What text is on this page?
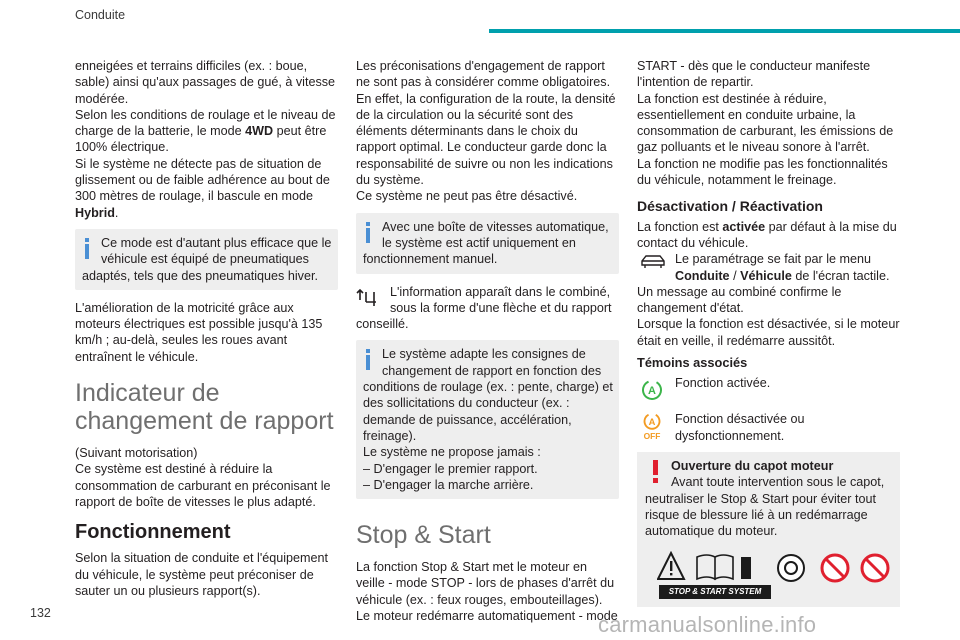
Conduite

enneigées et terrains difficiles (ex. : boue, sable) ainsi qu'aux passages de gué, à vitesse modérée.

Selon les conditions de roulage et le niveau de charge de la batterie, le mode 4WD peut être 100% électrique.

Si le système ne détecte pas de situation de glissement ou de faible adhérence au bout de 300 mètres de roulage, il bascule en mode Hybrid.

Ce mode est d'autant plus efficace que le véhicule est équipé de pneumatiques adaptés, tels que des pneumatiques hiver.

L'amélioration de la motricité grâce aux moteurs électriques est possible jusqu'à 135 km/h ; au-delà, seules les roues avant entraînent le véhicule.

Indicateur de changement de rapport

(Suivant motorisation)

Ce système est destiné à réduire la consommation de carburant en préconisant le rapport de boîte de vitesses le plus adapté.

Fonctionnement

Selon la situation de conduite et l'équipement du véhicule, le système peut préconiser de sauter un ou plusieurs rapport(s).

Les préconisations d'engagement de rapport ne sont pas à considérer comme obligatoires. En effet, la configuration de la route, la densité de la circulation ou la sécurité sont des éléments déterminants dans le choix du rapport optimal. Le conducteur garde donc la responsabilité de suivre ou non les indications du système.

Ce système ne peut pas être désactivé.

Avec une boîte de vitesses automatique, le système est actif uniquement en fonctionnement manuel.
L'information apparaît dans le combiné, sous la forme d'une flèche et du rapport conseillé.
Le système adapte les consignes de changement de rapport en fonction des conditions de roulage (ex. : pente, charge) et des sollicitations du conducteur (ex. : demande de puissance, accélération, freinage).
Le système ne propose jamais :
– D'engager le premier rapport.
– D'engager la marche arrière.
Stop & Start

La fonction Stop & Start met le moteur en veille - mode STOP - lors de phases d'arrêt du véhicule (ex. : feux rouges, embouteillages).

Le moteur redémarre automatiquement - mode

START - dès que le conducteur manifeste l'intention de repartir.

La fonction est destinée à réduire, essentiellement en conduite urbaine, la consommation de carburant, les émissions de gaz polluants et le niveau sonore à l'arrêt.

La fonction ne modifie pas les fonctionnalités du véhicule, notamment le freinage.

Désactivation / Réactivation

La fonction est activée par défaut à la mise du contact du véhicule.

Le paramétrage se fait par le menu Conduite / Véhicule de l'écran tactile.

Un message au combiné confirme le changement d'état.

Lorsque la fonction est désactivée, si le moteur était en veille, il redémarre aussitôt.

Témoins associés
A
Fonction activée.
A
OFF
Fonction désactivée ou dysfonctionnement.
Ouverture du capot moteur
Avant toute intervention sous le capot, neutraliser le Stop & Start pour éviter tout risque de blessure lié à un redémarrage automatique du moteur.
STOP & START SYSTEM
132	carmanualsonline.info
